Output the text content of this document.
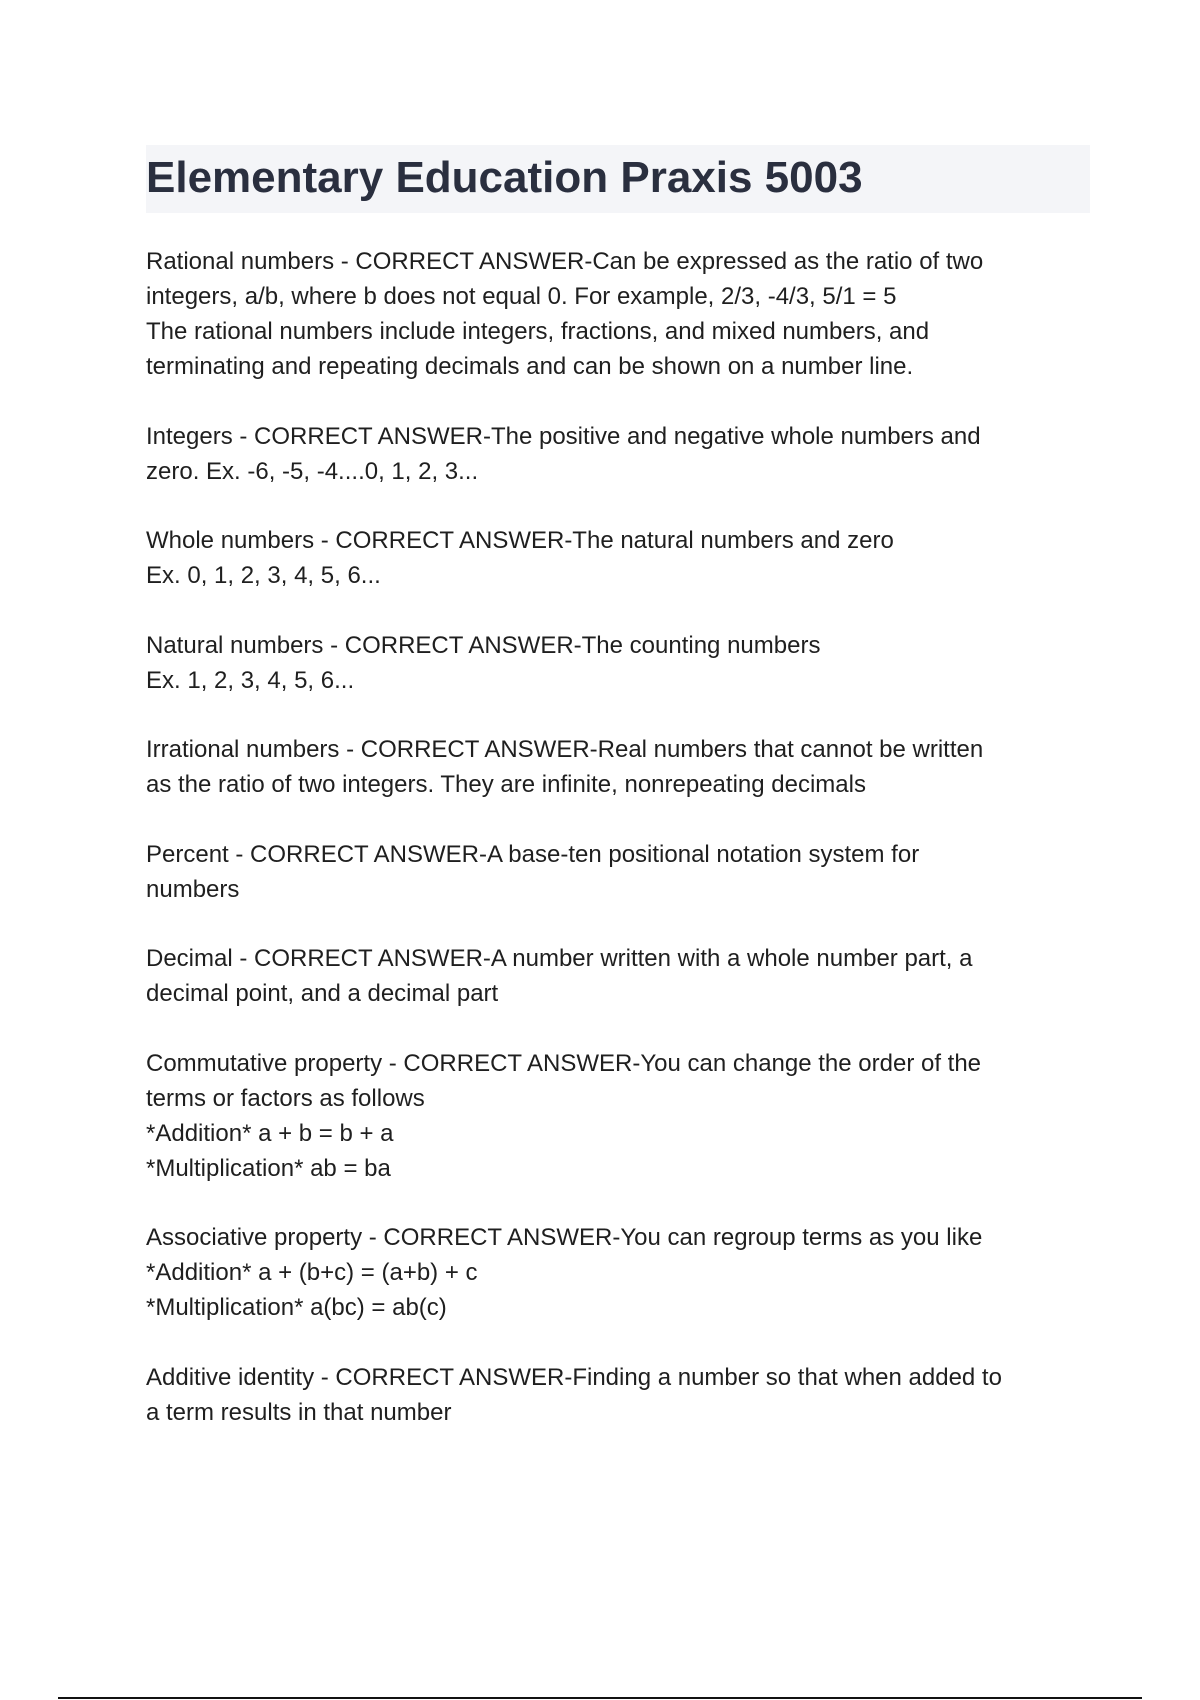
Elementary Education Praxis 5003

Rational numbers - CORRECT ANSWER-Can be expressed as the ratio of two
integers, a/b, where b does not equal 0. For example, 2/3, -4/3, 5/1 = 5
The rational numbers include integers, fractions, and mixed numbers, and
terminating and repeating decimals and can be shown on a number line.

Integers - CORRECT ANSWER-The positive and negative whole numbers and
zero. Ex. -6, -5, -4....0, 1, 2, 3...

Whole numbers - CORRECT ANSWER-The natural numbers and zero
Ex. 0, 1, 2, 3, 4, 5, 6...

Natural numbers - CORRECT ANSWER-The counting numbers
Ex. 1, 2, 3, 4, 5, 6...

Irrational numbers - CORRECT ANSWER-Real numbers that cannot be written
as the ratio of two integers. They are infinite, nonrepeating decimals

Percent - CORRECT ANSWER-A base-ten positional notation system for
numbers

Decimal - CORRECT ANSWER-A number written with a whole number part, a
decimal point, and a decimal part

Commutative property - CORRECT ANSWER-You can change the order of the
terms or factors as follows
*Addition* a + b = b + a
*Multiplication* ab = ba

Associative property - CORRECT ANSWER-You can regroup terms as you like
*Addition* a + (b+c) = (a+b) + c
*Multiplication* a(bc) = ab(c)

Additive identity - CORRECT ANSWER-Finding a number so that when added to
a term results in that number
